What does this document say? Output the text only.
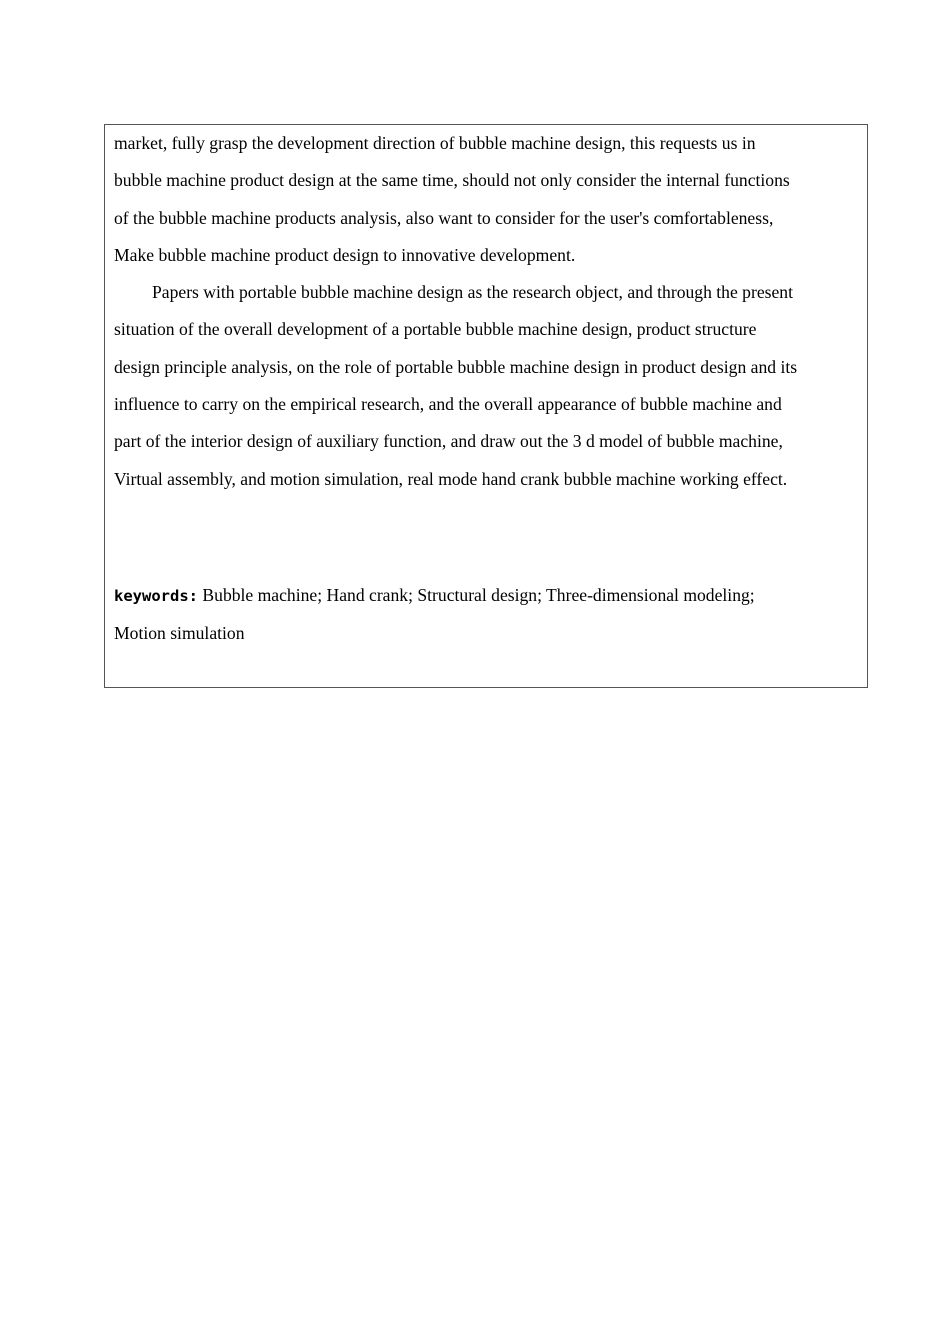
market, fully grasp the development direction of bubble machine design, this requests us in
bubble machine product design at the same time, should not only consider the internal functions
of the bubble machine products analysis, also want to consider for the user's comfortableness,
Make bubble machine product design to innovative development.

Papers with portable bubble machine design as the research object, and through the present
situation of the overall development of a portable bubble machine design, product structure
design principle analysis, on the role of portable bubble machine design in product design and its
influence to carry on the empirical research, and the overall appearance of bubble machine and
part of the interior design of auxiliary function, and draw out the 3 d model of bubble machine,
Virtual assembly, and motion simulation, real mode hand crank bubble machine working effect.

keywords: Bubble machine; Hand crank; Structural design; Three-dimensional modeling;
Motion simulation
